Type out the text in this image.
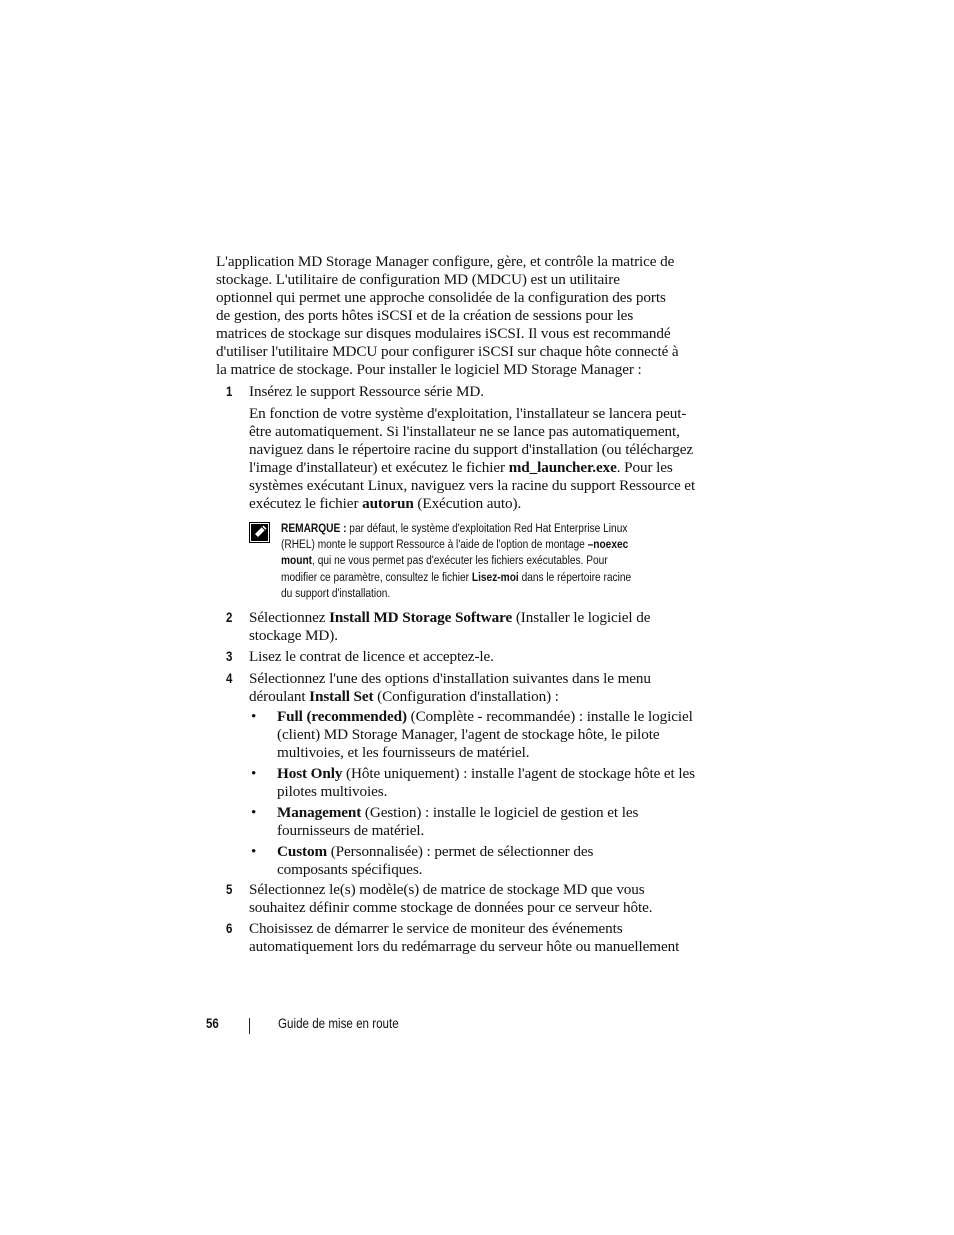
L'application MD Storage Manager configure, gère, et contrôle la matrice de
stockage. L'utilitaire de configuration MD (MDCU) est un utilitaire
optionnel qui permet une approche consolidée de la configuration des ports
de gestion, des ports hôtes iSCSI et de la création de sessions pour les
matrices de stockage sur disques modulaires iSCSI. Il vous est recommandé
d'utiliser l'utilitaire MDCU pour configurer iSCSI sur chaque hôte connecté à
la matrice de stockage. Pour installer le logiciel MD Storage Manager :

1 Insérez le support Ressource série MD.

En fonction de votre système d'exploitation, l'installateur se lancera peut-
être automatiquement. Si l'installateur ne se lance pas automatiquement,
naviguez dans le répertoire racine du support d'installation (ou téléchargez
l'image d'installateur) et exécutez le fichier md_launcher.exe. Pour les
systèmes exécutant Linux, naviguez vers la racine du support Ressource et
exécutez le fichier autorun (Exécution auto).

REMARQUE : par défaut, le système d'exploitation Red Hat Enterprise Linux
(RHEL) monte le support Ressource à l'aide de l'option de montage –noexec
mount, qui ne vous permet pas d'exécuter les fichiers exécutables. Pour
modifier ce paramètre, consultez le fichier Lisez-moi dans le répertoire racine
du support d'installation.

2 Sélectionnez Install MD Storage Software (Installer le logiciel de
stockage MD).

3 Lisez le contrat de licence et acceptez-le.

4 Sélectionnez l'une des options d'installation suivantes dans le menu
déroulant Install Set (Configuration d'installation) :

• Full (recommended) (Complète - recommandée) : installe le logiciel
(client) MD Storage Manager, l'agent de stockage hôte, le pilote
multivoies, et les fournisseurs de matériel.

• Host Only (Hôte uniquement) : installe l'agent de stockage hôte et les
pilotes multivoies.

• Management (Gestion) : installe le logiciel de gestion et les
fournisseurs de matériel.

• Custom (Personnalisée) : permet de sélectionner des
composants spécifiques.

5 Sélectionnez le(s) modèle(s) de matrice de stockage MD que vous
souhaitez définir comme stockage de données pour ce serveur hôte.

6 Choisissez de démarrer le service de moniteur des événements
automatiquement lors du redémarrage du serveur hôte ou manuellement

56	Guide de mise en route
